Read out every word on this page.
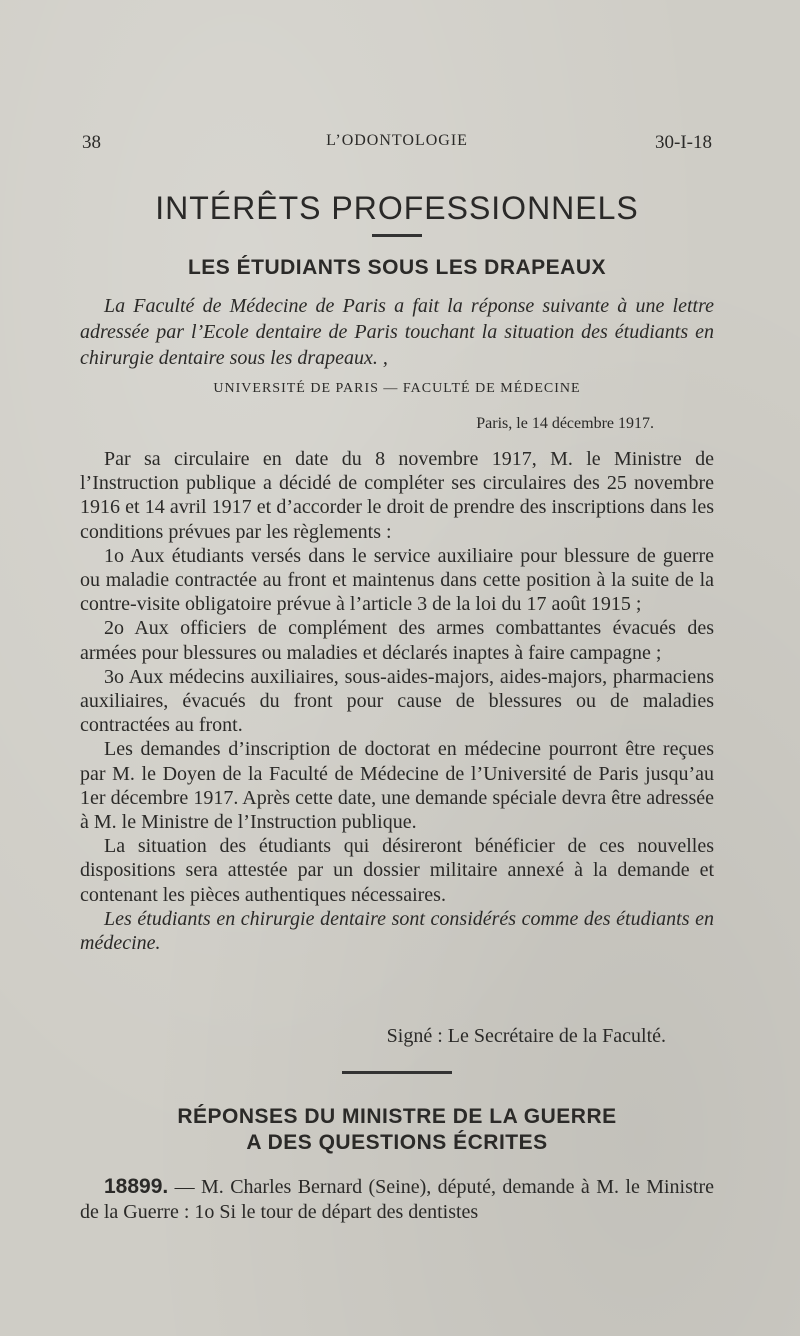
38	L’ODONTOLOGIE	30-I-18
INTÉRÊTS PROFESSIONNELS
LES ÉTUDIANTS SOUS LES DRAPEAUX
La Faculté de Médecine de Paris a fait la réponse suivante à une lettre adressée par l’Ecole dentaire de Paris touchant la situation des étudiants en chirurgie dentaire sous les drapeaux. ,
UNIVERSITÉ DE PARIS — FACULTÉ DE MÉDECINE
Paris, le 14 décembre 1917.

Par sa circulaire en date du 8 novembre 1917, M. le Ministre de l’Instruction publique a décidé de compléter ses circulaires des 25 novembre 1916 et 14 avril 1917 et d’accorder le droit de prendre des inscriptions dans les conditions prévues par les règlements :

1o Aux étudiants versés dans le service auxiliaire pour blessure de guerre ou maladie contractée au front et maintenus dans cette position à la suite de la contre-visite obligatoire prévue à l’article 3 de la loi du 17 août 1915 ;

2o Aux officiers de complément des armes combattantes évacués des armées pour blessures ou maladies et déclarés inaptes à faire campagne ;

3o Aux médecins auxiliaires, sous-aides-majors, aides-majors, pharmaciens auxiliaires, évacués du front pour cause de blessures ou de maladies contractées au front.

Les demandes d’inscription de doctorat en médecine pourront être reçues par M. le Doyen de la Faculté de Médecine de l’Université de Paris jusqu’au 1er décembre 1917. Après cette date, une demande spéciale devra être adressée à M. le Ministre de l’Instruction publique.

La situation des étudiants qui désireront bénéficier de ces nouvelles dispositions sera attestée par un dossier militaire annexé à la demande et contenant les pièces authentiques nécessaires.

Les étudiants en chirurgie dentaire sont considérés comme des étudiants en médecine.

Signé : Le Secrétaire de la Faculté.
RÉPONSES DU MINISTRE DE LA GUERRE
A DES QUESTIONS ÉCRITES

18899. — M. Charles Bernard (Seine), député, demande à M. le Ministre de la Guerre : 1o Si le tour de départ des dentistes
